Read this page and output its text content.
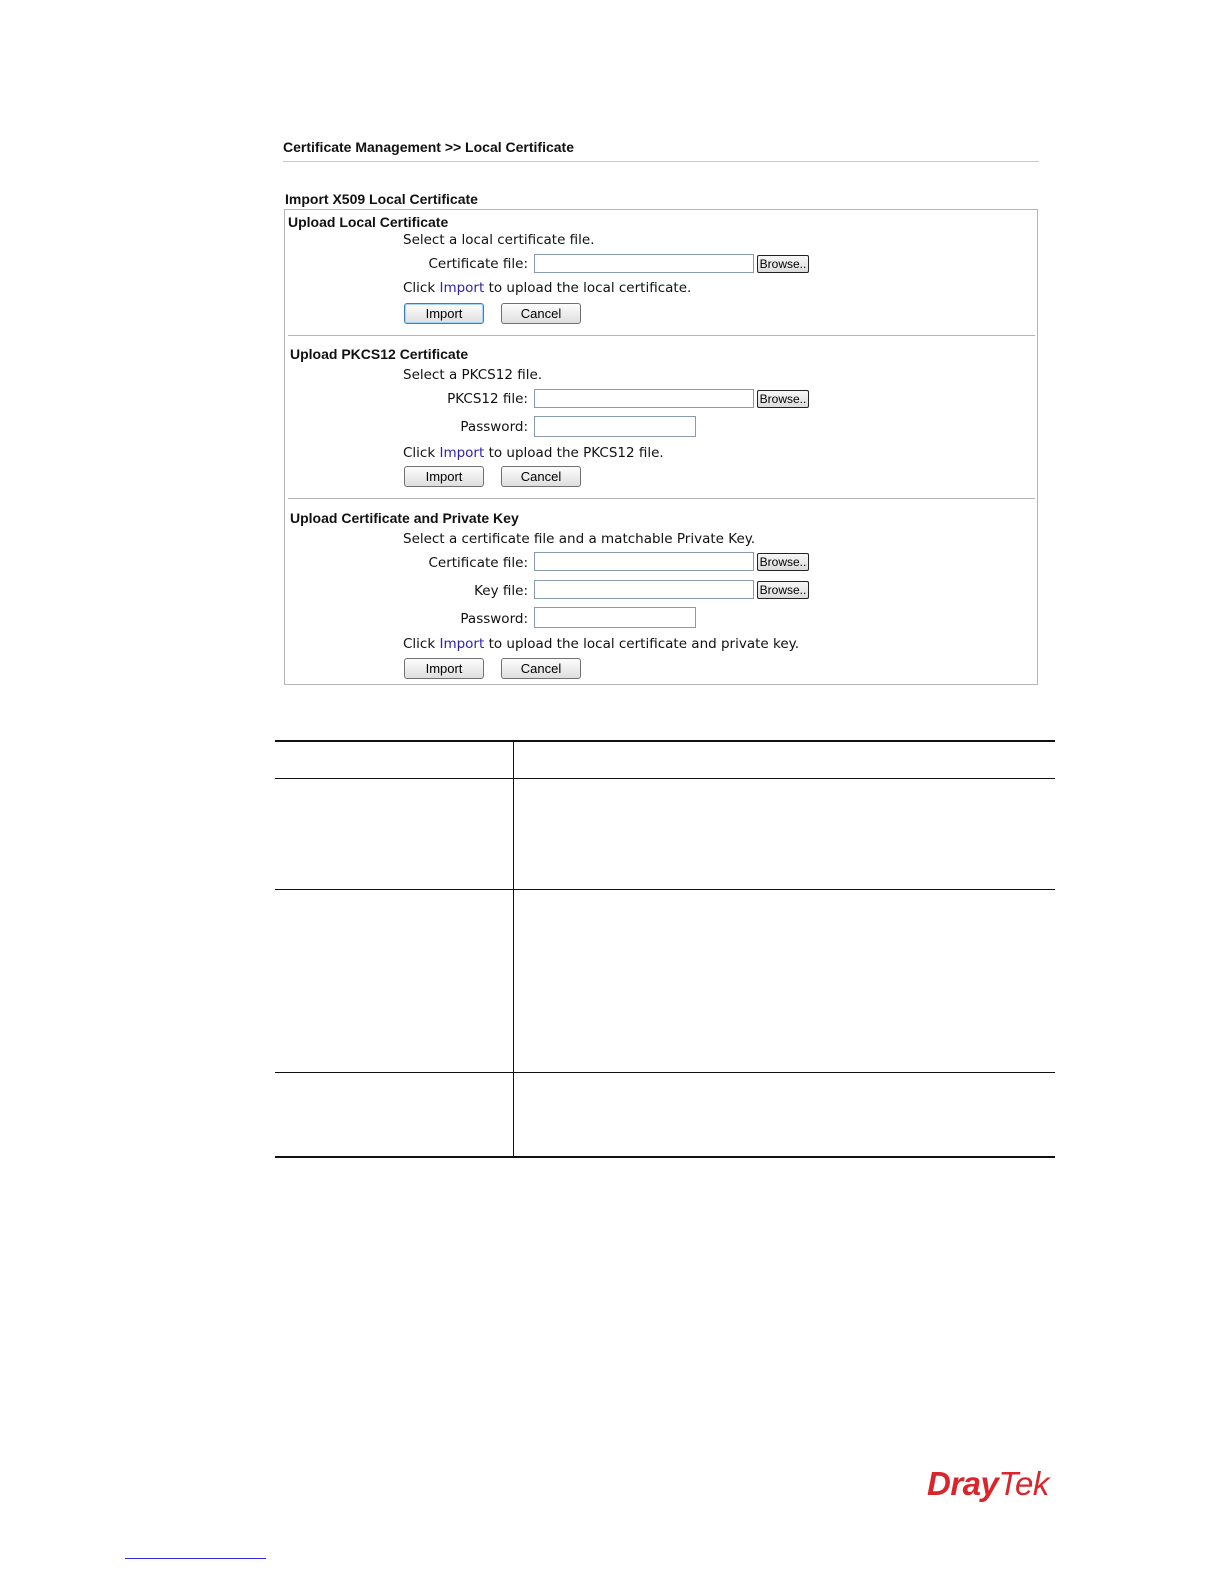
Certificate Management >> Local Certificate
Import X509 Local Certificate
Upload Local Certificate
Select a local certificate file.
Certificate file:	Browse..
Click Import to upload the local certificate.
Import	Cancel
Upload PKCS12 Certificate
Select a PKCS12 file.
PKCS12 file:	Browse..
Password:
Click Import to upload the PKCS12 file.
Import	Cancel
Upload Certificate and Private Key
Select a certificate file and a matchable Private Key.
Certificate file:	Browse..
Key file:	Browse..
Password:
Click Import to upload the local certificate and private key.
Import	Cancel
DrayTek
